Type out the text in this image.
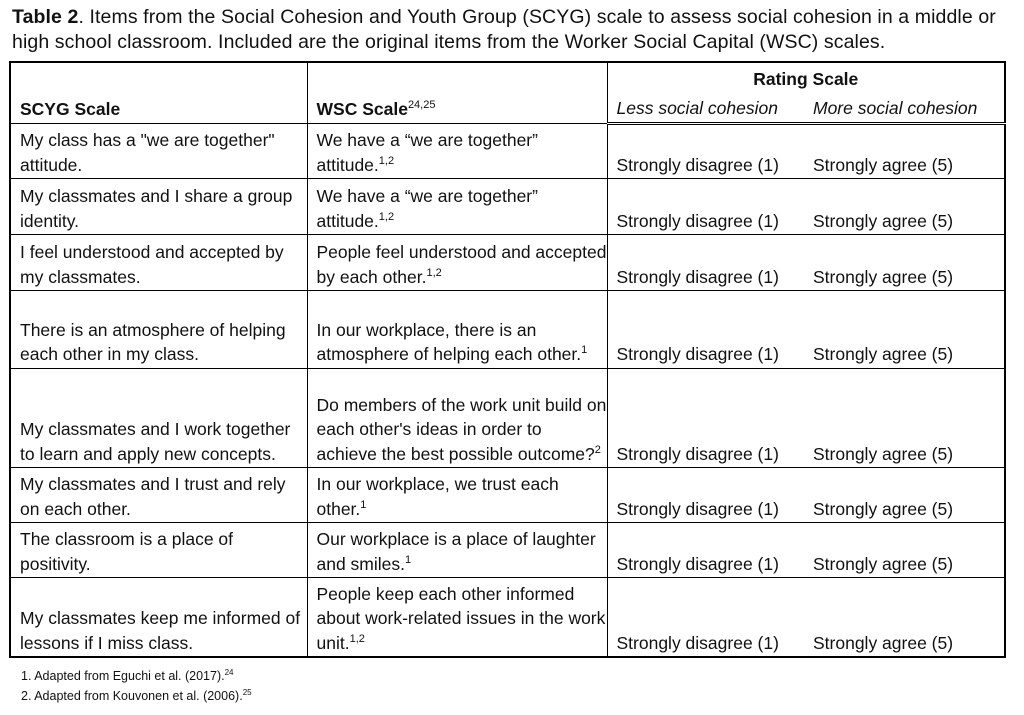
Table 2. Items from the Social Cohesion and Youth Group (SCYG) scale to assess social cohesion in a middle or high school classroom. Included are the original items from the Worker Social Capital (WSC) scales.
SCYG Scale	WSC Scale$^{24,25}$	Rating Scale	
		Less social cohesion	More social cohesion
My class has a "we are together" attitude.	We have a “we are together” attitude.$^{1,2}$	Strongly disagree (1)	Strongly agree (5)
My classmates and I share a group identity.	We have a “we are together” attitude.$^{1,2}$	Strongly disagree (1)	Strongly agree (5)
I feel understood and accepted by my classmates.	People feel understood and accepted by each other.$^{1,2}$	Strongly disagree (1)	Strongly agree (5)
There is an atmosphere of helping each other in my class.	In our workplace, there is an atmosphere of helping each other.$^1$	Strongly disagree (1)	Strongly agree (5)
My classmates and I work together to learn and apply new concepts.	Do members of the work unit build on each other's ideas in order to achieve the best possible outcome?$^2$	Strongly disagree (1)	Strongly agree (5)
My classmates and I trust and rely on each other.	In our workplace, we trust each other.$^1$	Strongly disagree (1)	Strongly agree (5)
The classroom is a place of positivity.	Our workplace is a place of laughter and smiles.$^1$	Strongly disagree (1)	Strongly agree (5)
My classmates keep me informed of lessons if I miss class.	People keep each other informed about work-related issues in the work unit.$^{1,2}$	Strongly disagree (1)	Strongly agree (5)
1. Adapted from Eguchi et al. (2017).$^{24}$
2. Adapted from Kouvonen et al. (2006).$^{25}$
